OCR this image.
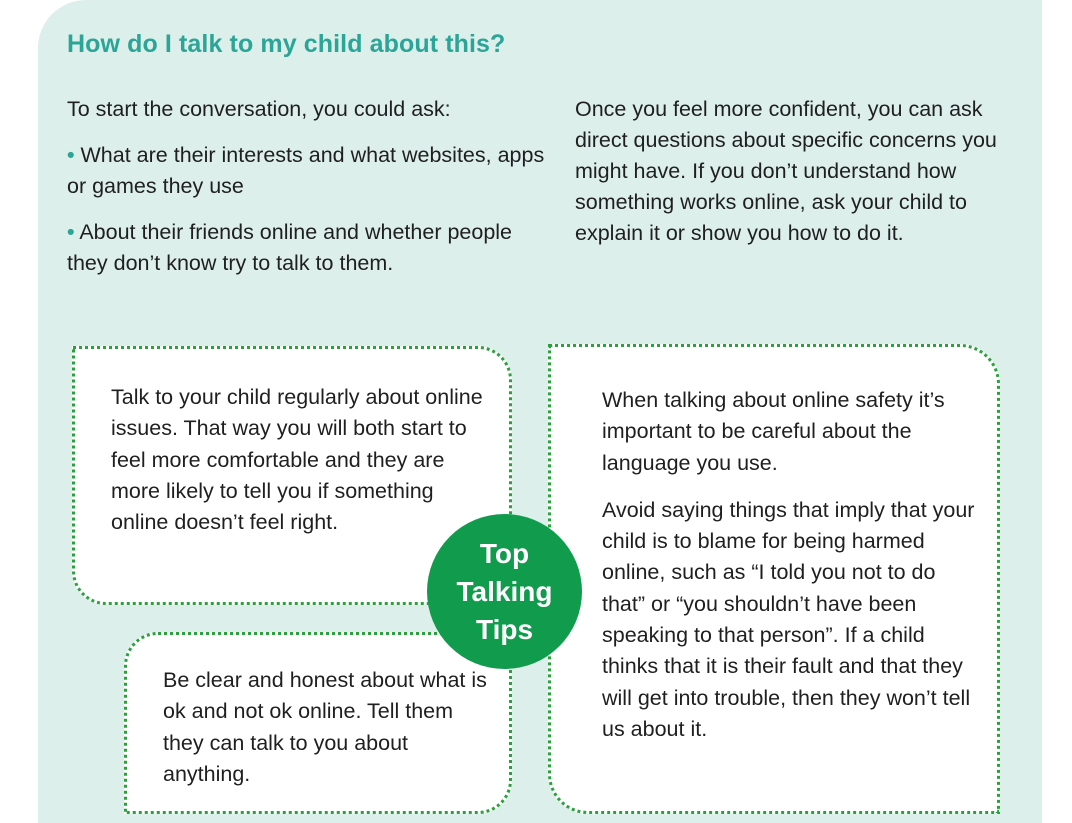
How do I talk to my child about this?

To start the conversation, you could ask:

• What are their interests and what websites, apps or games they use

• About their friends online and whether people they don’t know try to talk to them.

Once you feel more confident, you can ask direct questions about specific concerns you might have. If you don’t understand how something works online, ask your child to explain it or show you how to do it.

Talk to your child regularly about online issues. That way you will both start to feel more comfortable and they are more likely to tell you if something online doesn’t feel right.

Be clear and honest about what is ok and not ok online. Tell them they can talk to you about anything.

When talking about online safety it’s important to be careful about the language you use.

Avoid saying things that imply that your child is to blame for being harmed online, such as “I told you not to do that” or “you shouldn’t have been speaking to that person”. If a child thinks that it is their fault and that they will get into trouble, then they won’t tell us about it.

Top
Talking
Tips
